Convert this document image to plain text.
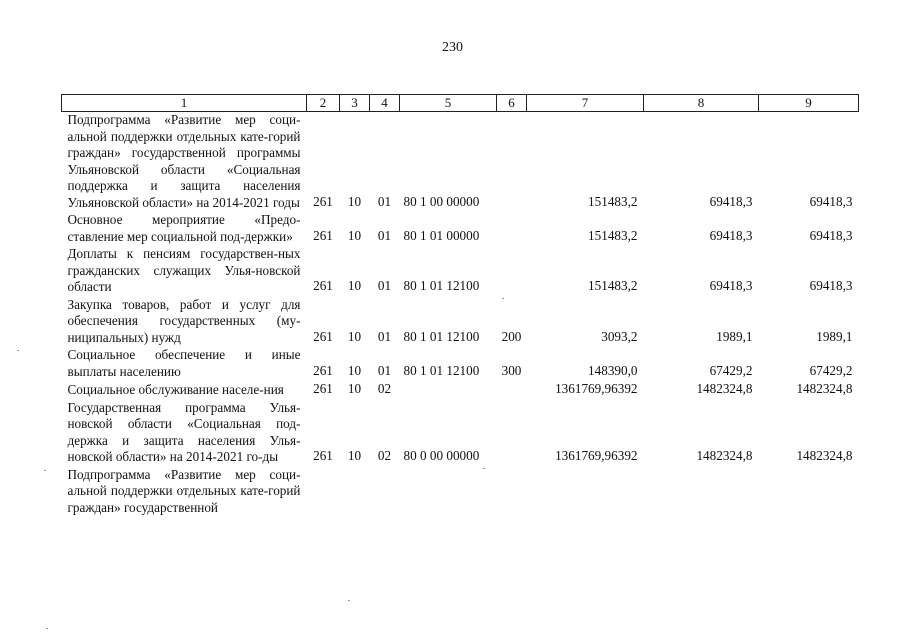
230
1	2	3	4	5	6	7	8	9
Подпрограмма «Развитие мер соци-альной поддержки отдельных кате-горий граждан» государственной программы Ульяновской области «Социальная поддержка и защита населения Ульяновской области» на 2014-2021 годы	261	10	01	80 1 00 00000		151483,2	69418,3	69418,3
Основное мероприятие «Предо-ставление мер социальной под-держки»	261	10	01	80 1 01 00000		151483,2	69418,3	69418,3
Доплаты к пенсиям государствен-ных гражданских служащих Улья-новской области	261	10	01	80 1 01 12100		151483,2	69418,3	69418,3
Закупка товаров, работ и услуг для обеспечения государственных (му-ниципальных) нужд	261	10	01	80 1 01 12100	200	3093,2	1989,1	1989,1
Социальное обеспечение и иные выплаты населению	261	10	01	80 1 01 12100	300	148390,0	67429,2	67429,2
Социальное обслуживание населе-ния	261	10	02			1361769,96392	1482324,8	1482324,8
Государственная программа Улья-новской области «Социальная под-держка и защита населения Улья-новской области» на 2014-2021 го-ды	261	10	02	80 0 00 00000		1361769,96392	1482324,8	1482324,8
Подпрограмма «Развитие мер соци-альной поддержки отдельных кате-горий граждан» государственной								
